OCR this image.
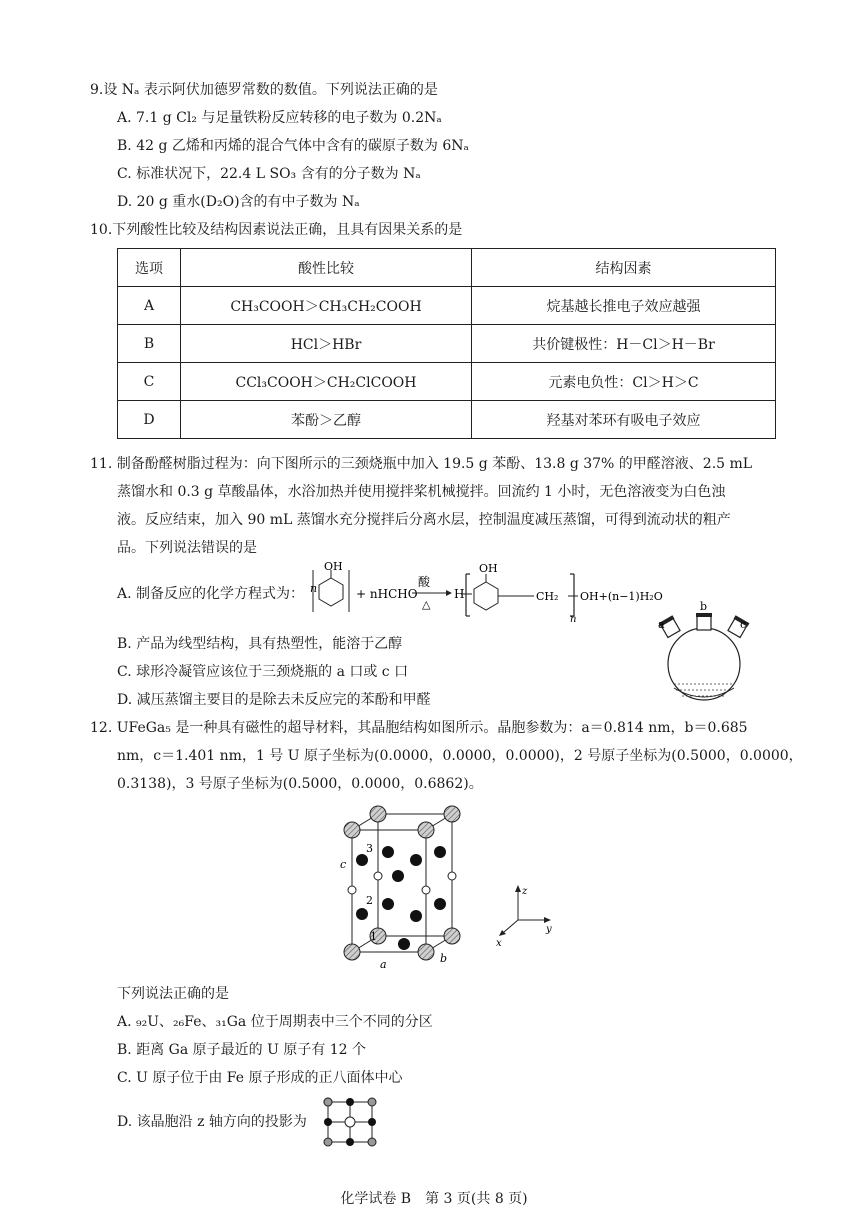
9.设 Nₐ 表示阿伏加德罗常数的数值。下列说法正确的是
A. 7.1 g Cl₂ 与足量铁粉反应转移的电子数为 0.2Nₐ
B. 42 g 乙烯和丙烯的混合气体中含有的碳原子数为 6Nₐ
C. 标准状况下，22.4 L SO₃ 含有的分子数为 Nₐ
D. 20 g 重水(D₂O)含的有中子数为 Nₐ
10.下列酸性比较及结构因素说法正确，且具有因果关系的是
选项	酸性比较	结构因素
A	CH₃COOH＞CH₃CH₂COOH	烷基越长推电子效应越强
B	HCl＞HBr	共价键极性：H－Cl＞H－Br
C	CCl₃COOH＞CH₂ClCOOH	元素电负性：Cl＞H＞C
D	苯酚＞乙醇	羟基对苯环有吸电子效应
11. 制备酚醛树脂过程为：向下图所示的三颈烧瓶中加入 19.5 g 苯酚、13.8 g 37% 的甲醛溶液、2.5 mL
蒸馏水和 0.3 g 草酸晶体，水浴加热并使用搅拌桨机械搅拌。回流约 1 小时，无色溶液变为白色浊
液。反应结束，加入 90 mL 蒸馏水充分搅拌后分离水层，控制温度减压蒸馏，可得到流动状的粗产
品。下列说法错误的是
A. 制备反应的化学方程式为： n
OH
+ nHCHO
酸
△
H
OH
CH₂
n
OH+(n−1)H₂O
B. 产品为线型结构，具有热塑性，能溶于乙醇
C. 球形冷凝管应该位于三颈烧瓶的 a 口或 c 口
D. 减压蒸馏主要目的是除去未反应完的苯酚和甲醛
a
b
c
12. UFeGa₅ 是一种具有磁性的超导材料，其晶胞结构如图所示。晶胞参数为：a＝0.814 nm，b＝0.685
nm，c＝1.401 nm，1 号 U 原子坐标为(0.0000，0.0000，0.0000)，2 号原子坐标为(0.5000，0.0000，
0.3138)，3 号原子坐标为(0.5000，0.0000，0.6862)。
c
a	b
1
2
3
z
y
x
下列说法正确的是
A. ₉₂U、₂₆Fe、₃₁Ga 位于周期表中三个不同的分区
B. 距离 Ga 原子最近的 U 原子有 12 个
C. U 原子位于由 Fe 原子形成的正八面体中心
D. 该晶胞沿 z 轴方向的投影为
化学试卷 B　第 3 页(共 8 页)
